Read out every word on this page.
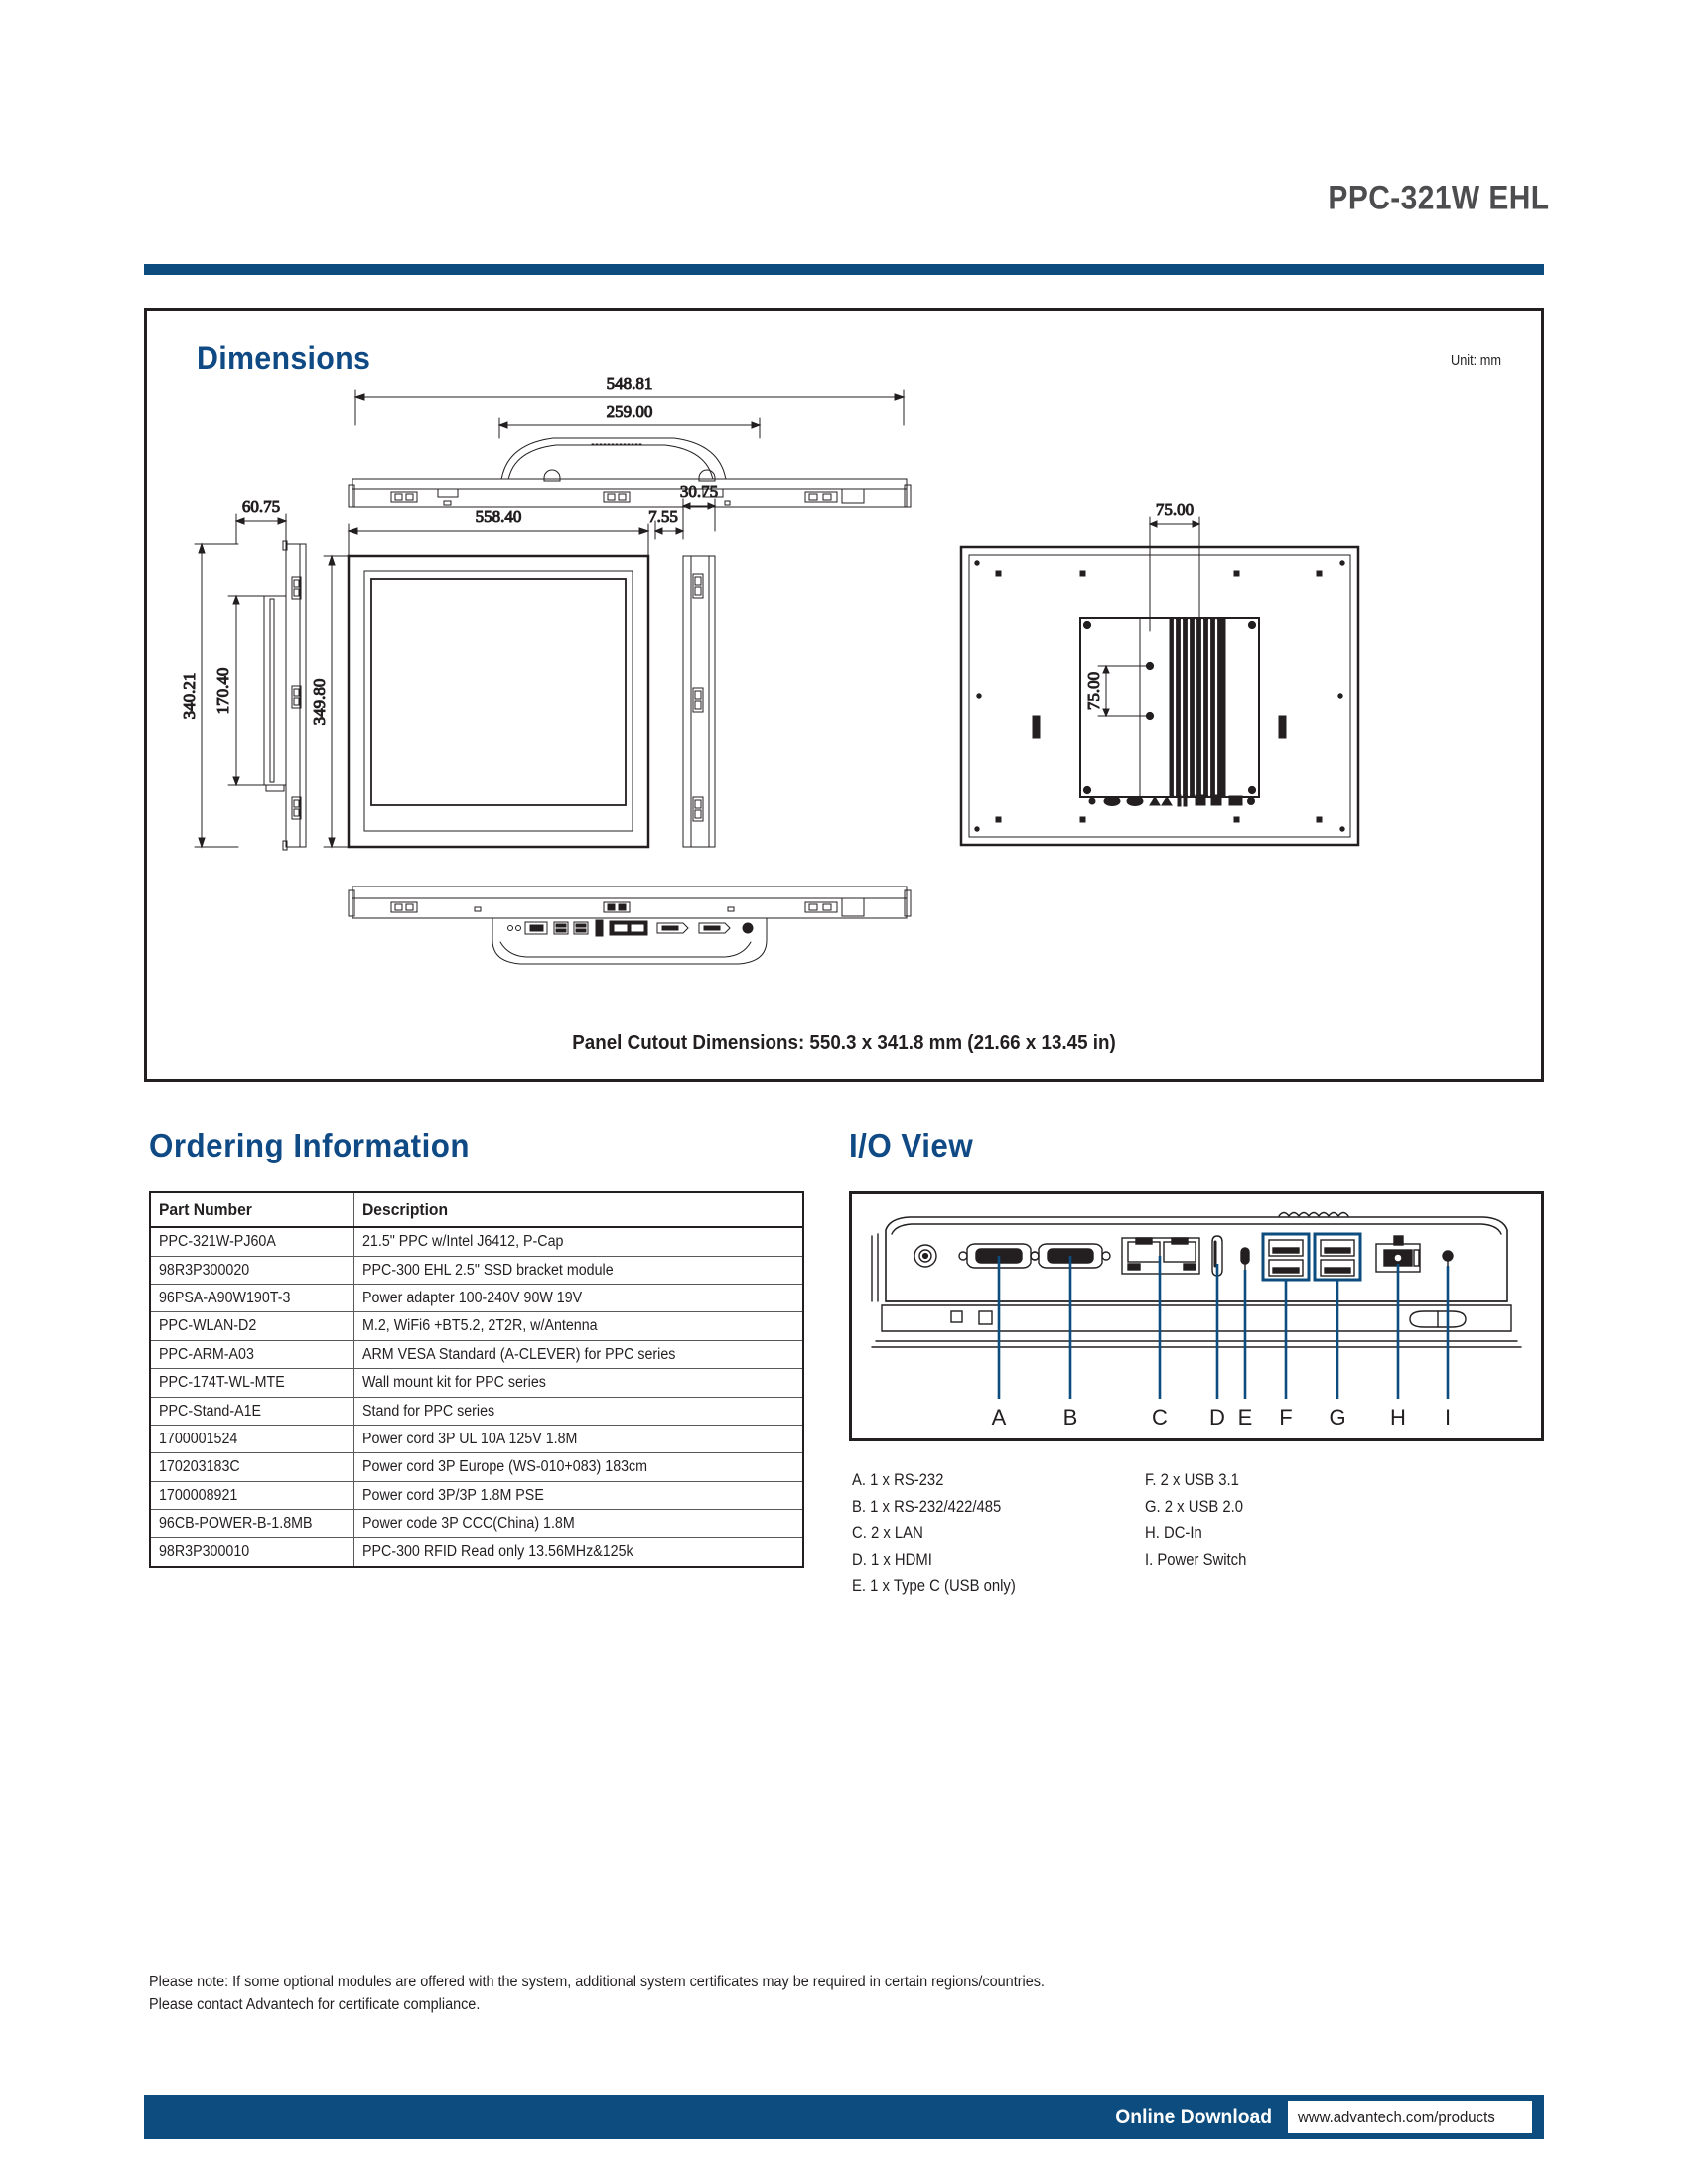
PPC-321W EHL
Dimensions	Unit: mm
548.81
259.00
60.75
340.21 170.40
558.40
349.80
30.75
7.55	75.00
75.00
Panel Cutout Dimensions: 550.3 x 341.8 mm (21.66 x 13.45 in)
Ordering Information
Part Number	Description
PPC-321W-PJ60A	21.5" PPC w/Intel J6412, P-Cap
98R3P300020	PPC-300 EHL 2.5" SSD bracket module
96PSA-A90W190T-3	Power adapter 100-240V 90W 19V
PPC-WLAN-D2	M.2, WiFi6 +BT5.2, 2T2R, w/Antenna
PPC-ARM-A03	ARM VESA Standard (A-CLEVER) for PPC series
PPC-174T-WL-MTE	Wall mount kit for PPC series
PPC-Stand-A1E	Stand for PPC series
1700001524	Power cord 3P UL 10A 125V 1.8M
170203183C	Power cord 3P Europe (WS-010+083) 183cm
1700008921	Power cord 3P/3P 1.8M PSE
96CB-POWER-B-1.8MB	Power code 3P CCC(China) 1.8M
98R3P300010	PPC-300 RFID Read only 13.56MHz&125k
I/O View
A	B	C D E F G H I
A. 1 x RS-232
B. 1 x RS-232/422/485
C. 2 x LAN
D. 1 x HDMI
E. 1 x Type C (USB only)

F. 2 x USB 3.1
G. 2 x USB 2.0
H. DC-In
I. Power Switch
Please note: If some optional modules are offered with the system, additional system certificates may be required in certain regions/countries.
Please contact Advantech for certificate compliance.
Online Download	www.advantech.com/products
